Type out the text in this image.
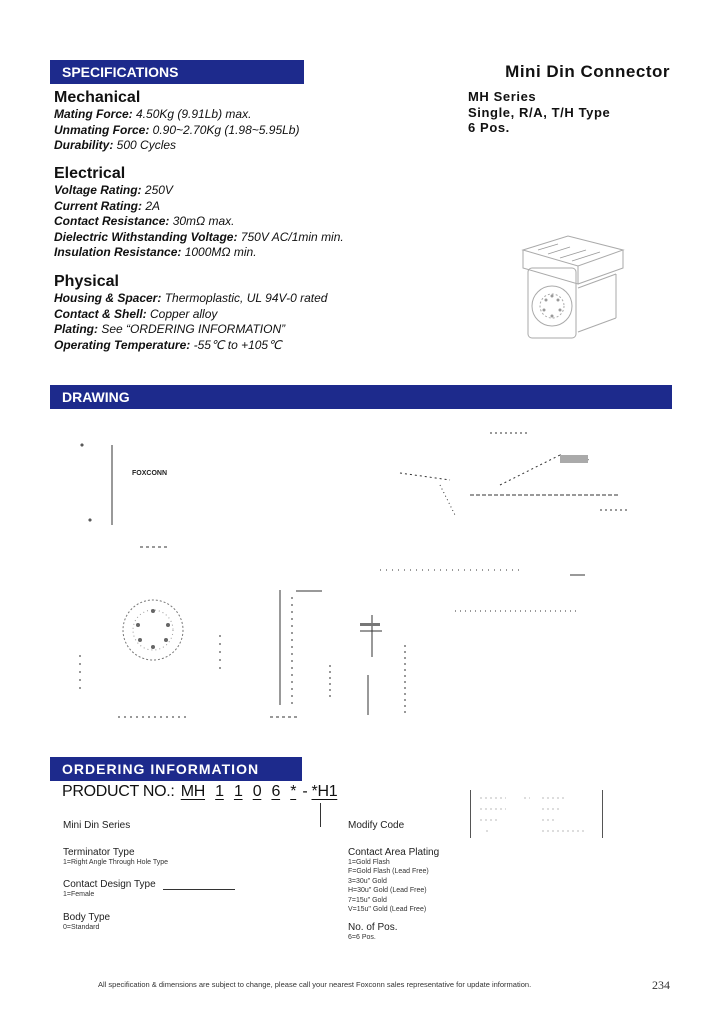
SPECIFICATIONS
Mechanical
Mating Force: 4.50Kg (9.91Lb) max.
Unmating Force: 0.90~2.70Kg (1.98~5.95Lb)
Durability: 500 Cycles
Electrical
Voltage Rating: 250V
Current Rating: 2A
Contact Resistance: 30mΩ max.
Dielectric Withstanding Voltage: 750V AC/1min min.
Insulation Resistance: 1000MΩ min.
Physical
Housing & Spacer: Thermoplastic, UL 94V-0 rated
Contact & Shell: Copper alloy
Plating: See “ORDERING INFORMATION”
Operating Temperature: -55℃ to +105℃
Mini Din Connector
MH Series
Single, R/A, T/H Type
6 Pos.
DRAWING
FOXCONN
ORDERING INFORMATION
PRODUCT NO.: MH 1 1 0 6 * - *H1
Mini Din Series
Terminator Type
1=Right Angle Through Hole Type
Contact Design Type
1=Female
Body Type
0=Standard
Modify Code
Contact Area Plating
1=Gold Flash
F=Gold Flash (Lead Free)
3=30u" Gold
H=30u" Gold (Lead Free)
7=15u" Gold
V=15u" Gold (Lead Free)
No. of Pos.
6=6 Pos.
All specification & dimensions are subject to change, please call your nearest Foxconn sales representative for update information.	234
